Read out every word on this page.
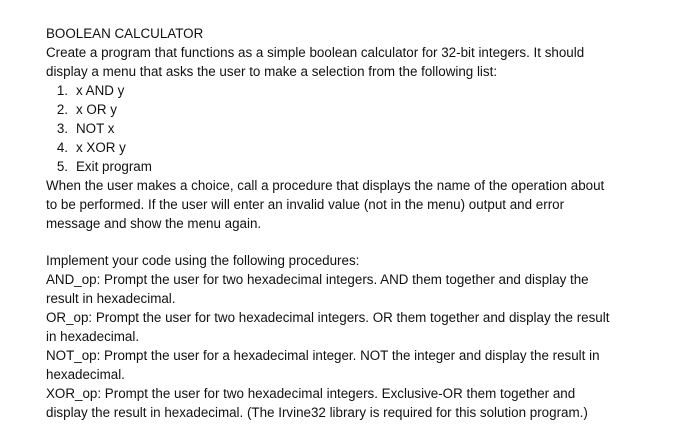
BOOLEAN CALCULATOR
Create a program that functions as a simple boolean calculator for 32-bit integers. It should
display a menu that asks the user to make a selection from the following list:
1. x AND y
2. x OR y
3. NOT x
4. x XOR y
5. Exit program
When the user makes a choice, call a procedure that displays the name of the operation about
to be performed. If the user will enter an invalid value (not in the menu) output and error
message and show the menu again.
Implement your code using the following procedures:
AND_op: Prompt the user for two hexadecimal integers. AND them together and display the
result in hexadecimal.
OR_op: Prompt the user for two hexadecimal integers. OR them together and display the result
in hexadecimal.
NOT_op: Prompt the user for a hexadecimal integer. NOT the integer and display the result in
hexadecimal.
XOR_op: Prompt the user for two hexadecimal integers. Exclusive-OR them together and
display the result in hexadecimal. (The Irvine32 library is required for this solution program.)
